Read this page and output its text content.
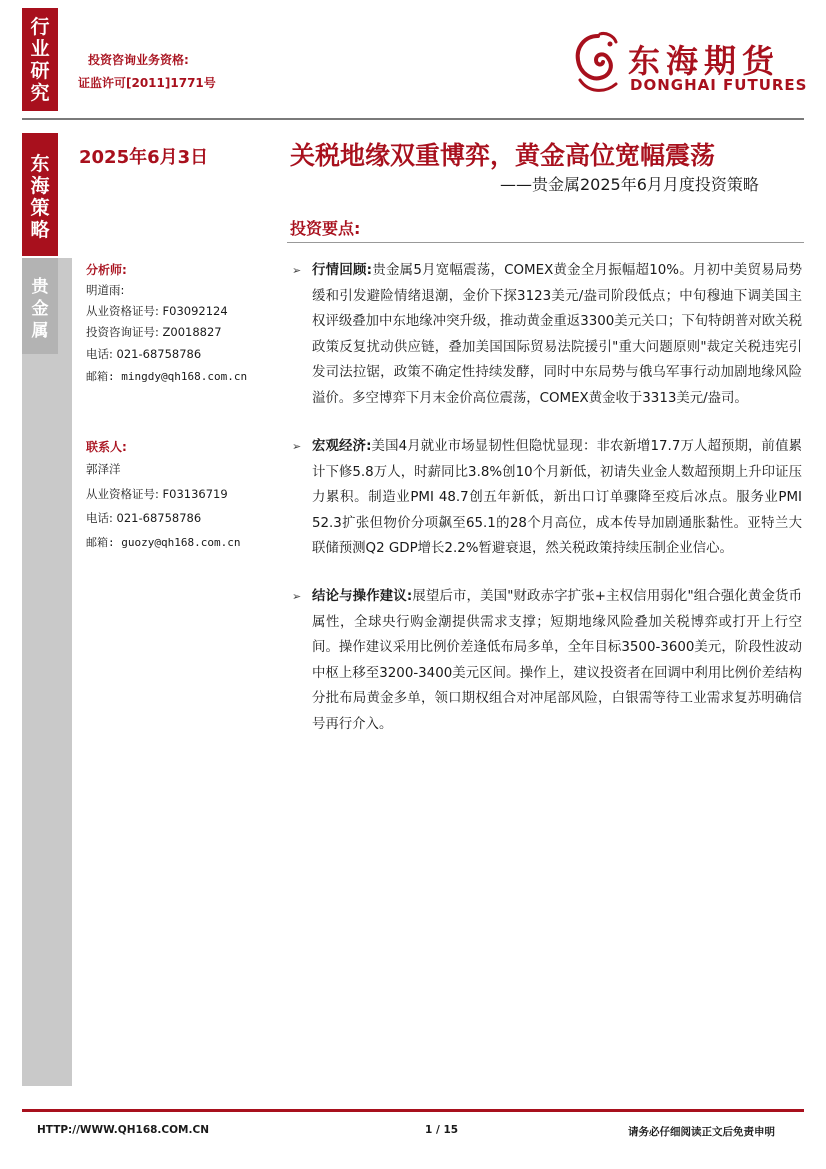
行业研究
东海策略
贵金属
投资咨询业务资格:
证监许可[2011]1771号
东海期货
DONGHAI FUTURES
2025年6月3日	关税地缘双重博弈，黄金高位宽幅震荡
——贵金属2025年6月月度投资策略
投资要点:
分析师:
明道雨:
从业资格证号: F03092124
投资咨询证号: Z0018827
电话: 021-68758786
邮箱: mingdy@qh168.com.cn
联系人:
郭泽洋
从业资格证号: F03136719
电话: 021-68758786
邮箱: guozy@qh168.com.cn
➢ 行情回顾:贵金属5月宽幅震荡，COMEX黄金全月振幅超10%。月初中美贸易局势缓和引发避险情绪退潮，金价下探3123美元/盎司阶段低点；中旬穆迪下调美国主权评级叠加中东地缘冲突升级，推动黄金重返3300美元关口；下旬特朗普对欧关税政策反复扰动供应链，叠加美国国际贸易法院援引"重大问题原则"裁定关税违宪引发司法拉锯，政策不确定性持续发酵，同时中东局势与俄乌军事行动加剧地缘风险溢价。多空博弈下月末金价高位震荡，COMEX黄金收于3313美元/盎司。
➢ 宏观经济:美国4月就业市场显韧性但隐忧显现：非农新增17.7万人超预期，前值累计下修5.8万人，时薪同比3.8%创10个月新低，初请失业金人数超预期上升印证压力累积。制造业PMI 48.7创五年新低，新出口订单骤降至疫后冰点。服务业PMI 52.3扩张但物价分项飙至65.1的28个月高位，成本传导加剧通胀黏性。亚特兰大联储预测Q2 GDP增长2.2%暂避衰退，然关税政策持续压制企业信心。
➢ 结论与操作建议:展望后市，美国"财政赤字扩张+主权信用弱化"组合强化黄金货币属性，全球央行购金潮提供需求支撑；短期地缘风险叠加关税博弈或打开上行空间。操作建议采用比例价差逢低布局多单，全年目标3500-3600美元，阶段性波动中枢上移至3200-3400美元区间。操作上，建议投资者在回调中利用比例价差结构分批布局黄金多单，领口期权组合对冲尾部风险，白银需等待工业需求复苏明确信号再行介入。
HTTP://WWW.QH168.COM.CN	1 / 15	请务必仔细阅读正文后免责申明
